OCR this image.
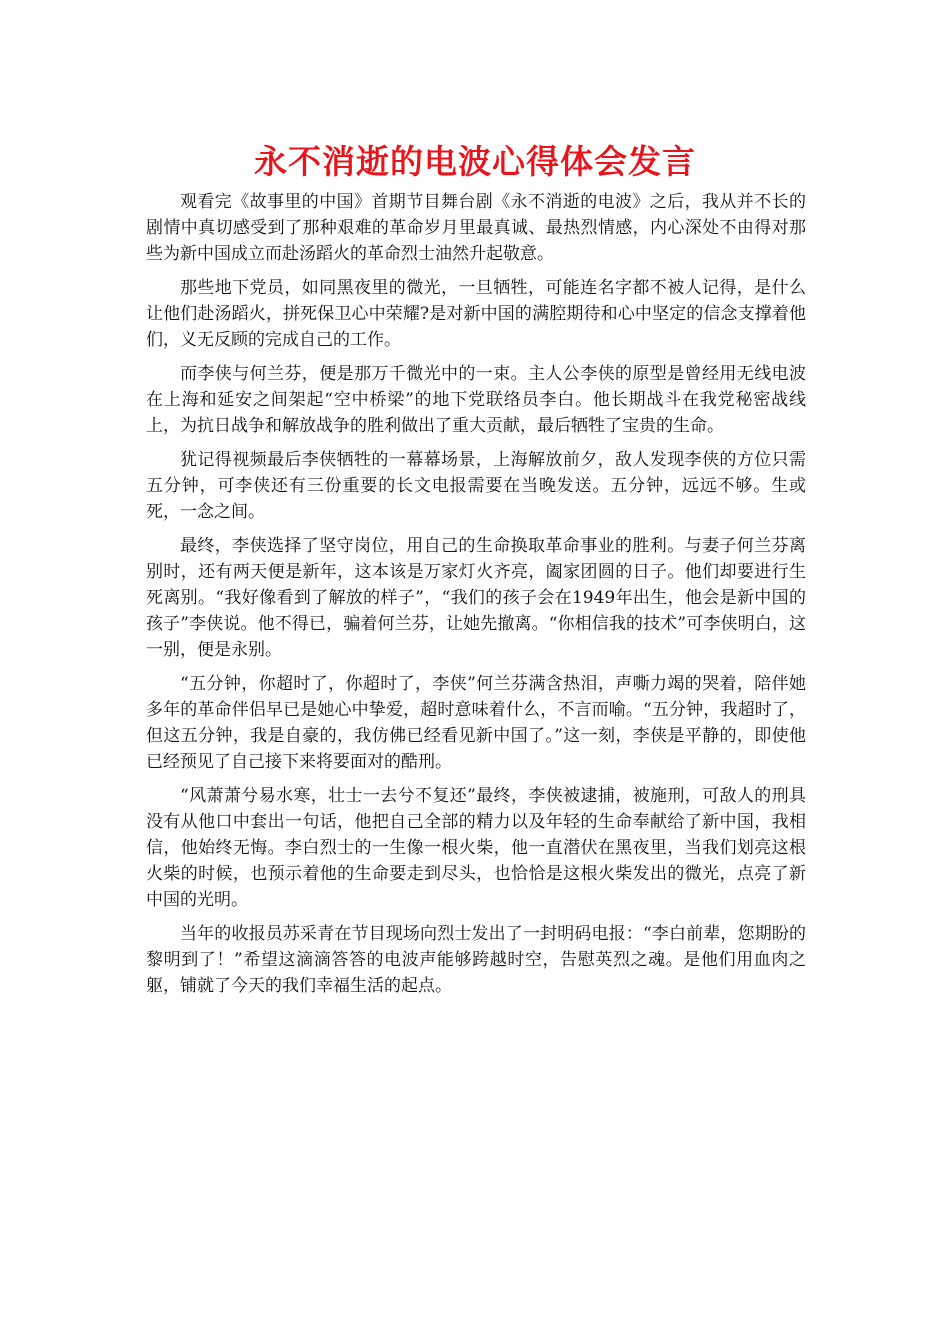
永不消逝的电波心得体会发言

观看完《故事里的中国》首期节目舞台剧《永不消逝的电波》之后，我从并不长的剧情中真切感受到了那种艰难的革命岁月里最真诚、最热烈情感，内心深处不由得对那些为新中国成立而赴汤蹈火的革命烈士油然升起敬意。

那些地下党员，如同黑夜里的微光，一旦牺牲，可能连名字都不被人记得，是什么让他们赴汤蹈火，拼死保卫心中荣耀?是对新中国的满腔期待和心中坚定的信念支撑着他们，义无反顾的完成自己的工作。

而李侠与何兰芬，便是那万千微光中的一束。主人公李侠的原型是曾经用无线电波在上海和延安之间架起“空中桥梁”的地下党联络员李白。他长期战斗在我党秘密战线上，为抗日战争和解放战争的胜利做出了重大贡献，最后牺牲了宝贵的生命。

犹记得视频最后李侠牺牲的一幕幕场景，上海解放前夕，敌人发现李侠的方位只需五分钟，可李侠还有三份重要的长文电报需要在当晚发送。五分钟，远远不够。生或死，一念之间。

最终，李侠选择了坚守岗位，用自己的生命换取革命事业的胜利。与妻子何兰芬离别时，还有两天便是新年，这本该是万家灯火齐亮，阖家团圆的日子。他们却要进行生死离别。“我好像看到了解放的样子”，“我们的孩子会在1949年出生，他会是新中国的孩子”李侠说。他不得已，骗着何兰芬，让她先撤离。“你相信我的技术”可李侠明白，这一别，便是永别。

“五分钟，你超时了，你超时了，李侠”何兰芬满含热泪，声嘶力竭的哭着，陪伴她多年的革命伴侣早已是她心中挚爱，超时意味着什么，不言而喻。“五分钟，我超时了，但这五分钟，我是自豪的，我仿佛已经看见新中国了。”这一刻，李侠是平静的，即使他已经预见了自己接下来将要面对的酷刑。

“风萧萧兮易水寒，壮士一去兮不复还”最终，李侠被逮捕，被施刑，可敌人的刑具没有从他口中套出一句话，他把自己全部的精力以及年轻的生命奉献给了新中国，我相信，他始终无悔。李白烈士的一生像一根火柴，他一直潜伏在黑夜里，当我们划亮这根火柴的时候，也预示着他的生命要走到尽头，也恰恰是这根火柴发出的微光，点亮了新中国的光明。

当年的收报员苏采青在节目现场向烈士发出了一封明码电报：“李白前辈，您期盼的黎明到了！”希望这滴滴答答的电波声能够跨越时空，告慰英烈之魂。是他们用血肉之躯，铺就了今天的我们幸福生活的起点。
